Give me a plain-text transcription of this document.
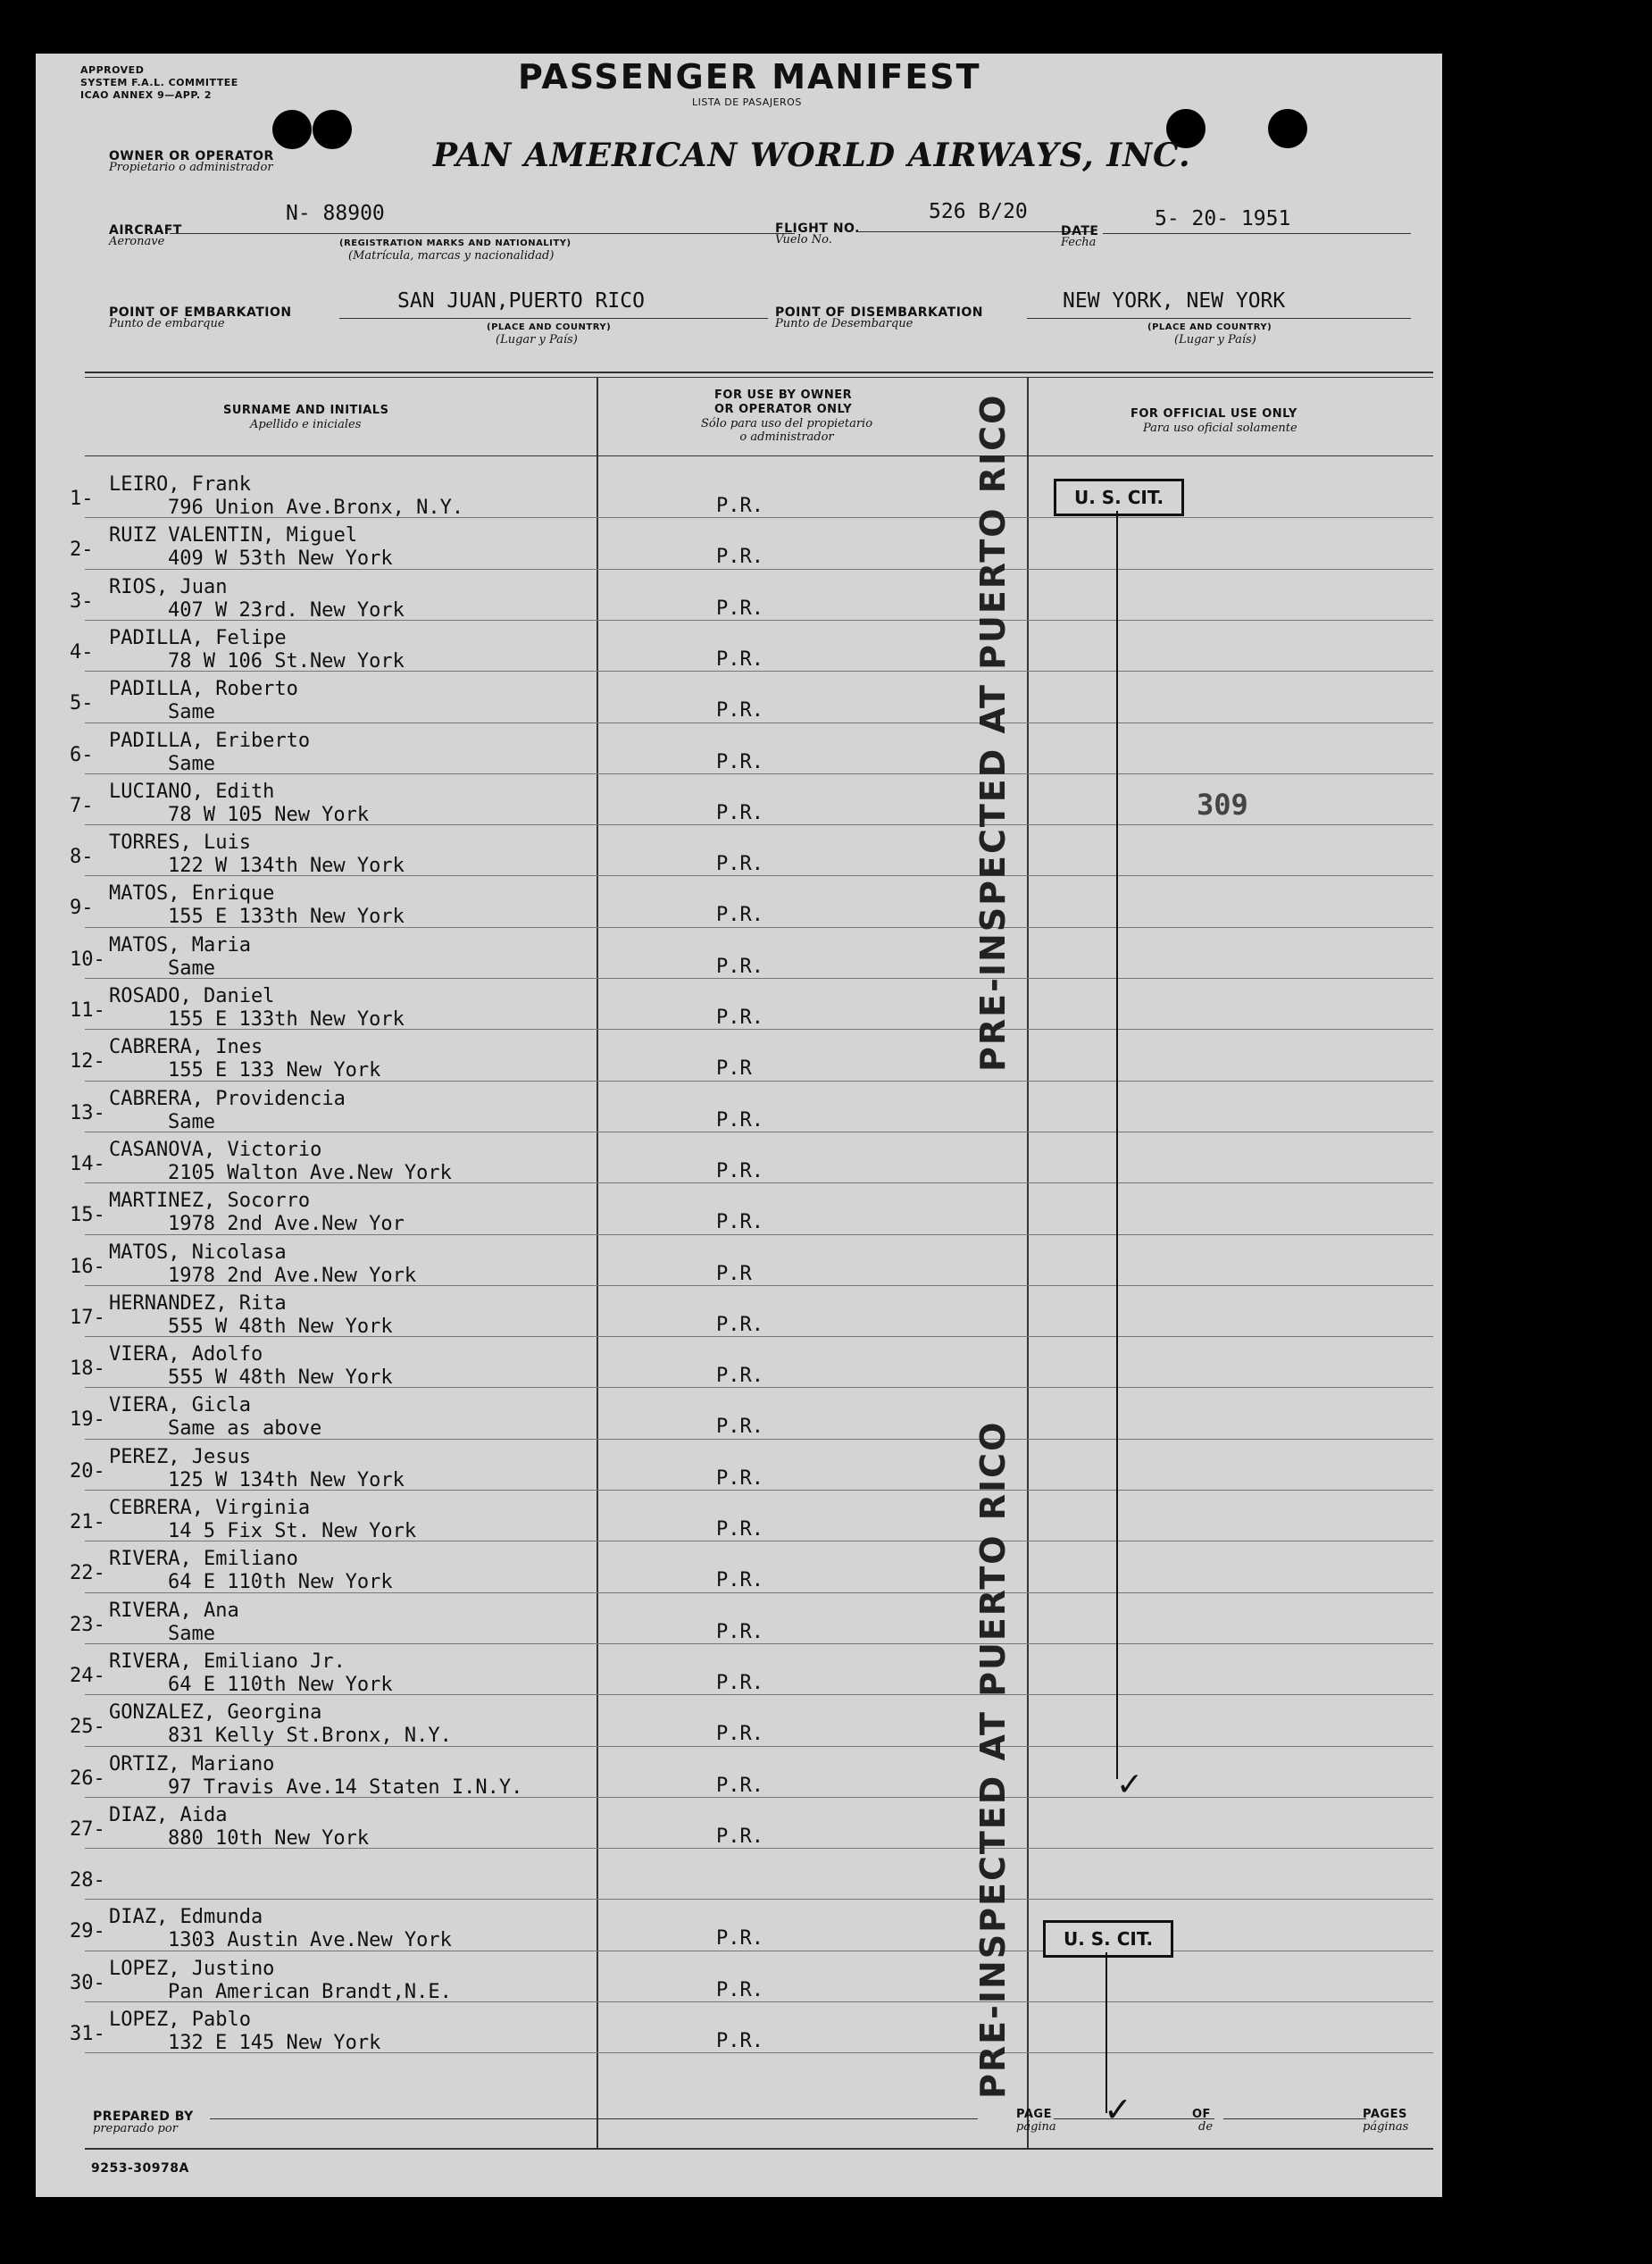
APPROVED
SYSTEM F.A.L. COMMITTEE
ICAO ANNEX 9—APP. 2	PASSENGER MANIFEST
LISTA DE PASAJEROS
OWNER OR OPERATOR
Propietario o administrador	PAN AMERICAN WORLD AIRWAYS, INC.
AIRCRAFT
Aeronave
N- 88900
(REGISTRATION MARKS AND NATIONALITY)
(Matrícula, marcas y nacionalidad)
FLIGHT NO.
Vuelo No.
526 B/20
DATE
Fecha
5- 20- 1951
POINT OF EMBARKATION
Punto de embarque
SAN JUAN,PUERTO RICO
(PLACE AND COUNTRY)
(Lugar y País)
POINT OF DISEMBARKATION
Punto de Desembarque
NEW YORK, NEW YORK
(PLACE AND COUNTRY)
(Lugar y País)
SURNAME AND INITIALS
Apellido e iniciales
FOR USE BY OWNER
OR OPERATOR ONLY
Sólo para uso del propietario
o administrador
FOR OFFICIAL USE ONLY
Para uso oficial solamente
1-
LEIRO, Frank
796 Union Ave.Bronx, N.Y.	P.R.
2-
RUIZ VALENTIN, Miguel
409 W 53th New York	P.R.
3-
RIOS, Juan
407 W 23rd. New York	P.R.
4-
PADILLA, Felipe
78 W 106 St.New York	P.R.
5-
PADILLA, Roberto
Same	P.R.
6-
PADILLA, Eriberto
Same	P.R.
7-
LUCIANO, Edith
78 W 105 New York	P.R.
8-
TORRES, Luis
122 W 134th New York	P.R.
9-
MATOS, Enrique
155 E 133th New York	P.R.
10-
MATOS, Maria
Same	P.R.
11-
ROSADO, Daniel
155 E 133th New York	P.R.
12-
CABRERA, Ines
155 E 133 New York	P.R
13-
CABRERA, Providencia
Same	P.R.
14-
CASANOVA, Victorio
2105 Walton Ave.New York	P.R.
15-
MARTINEZ, Socorro
1978 2nd Ave.New Yor	P.R.
16-
MATOS, Nicolasa
1978 2nd Ave.New York	P.R
17-
HERNANDEZ, Rita
555 W 48th New York	P.R.
18-
VIERA, Adolfo
555 W 48th New York	P.R.
19-
VIERA, Gicla
Same as above	P.R.
20-
PEREZ, Jesus
125 W 134th New York	P.R.
21-
CEBRERA, Virginia
14 5 Fix St. New York	P.R.
22-
RIVERA, Emiliano
64 E 110th New York	P.R.
23-
RIVERA, Ana
Same	P.R.
24-
RIVERA, Emiliano Jr.
64 E 110th New York	P.R.
25-
GONZALEZ, Georgina
831 Kelly St.Bronx, N.Y.	P.R.
26-
ORTIZ, Mariano
97 Travis Ave.14 Staten I.N.Y.	P.R.
27-
DIAZ, Aida
880 10th New York	P.R.
28-
29-
DIAZ, Edmunda
1303 Austin Ave.New York	P.R.
30-
LOPEZ, Justino
Pan American Brandt,N.E.	P.R.
31-
LOPEZ, Pablo
132 E 145 New York	P.R.
U. S. CIT.
✓
U. S. CIT.
✓
309
PRE-INSPECTED AT PUERTO RICO
PRE-INSPECTED AT PUERTO RICO
PREPARED BY
preparado por
PAGE
página
OF
de
PAGES
páginas
9253-30978A
